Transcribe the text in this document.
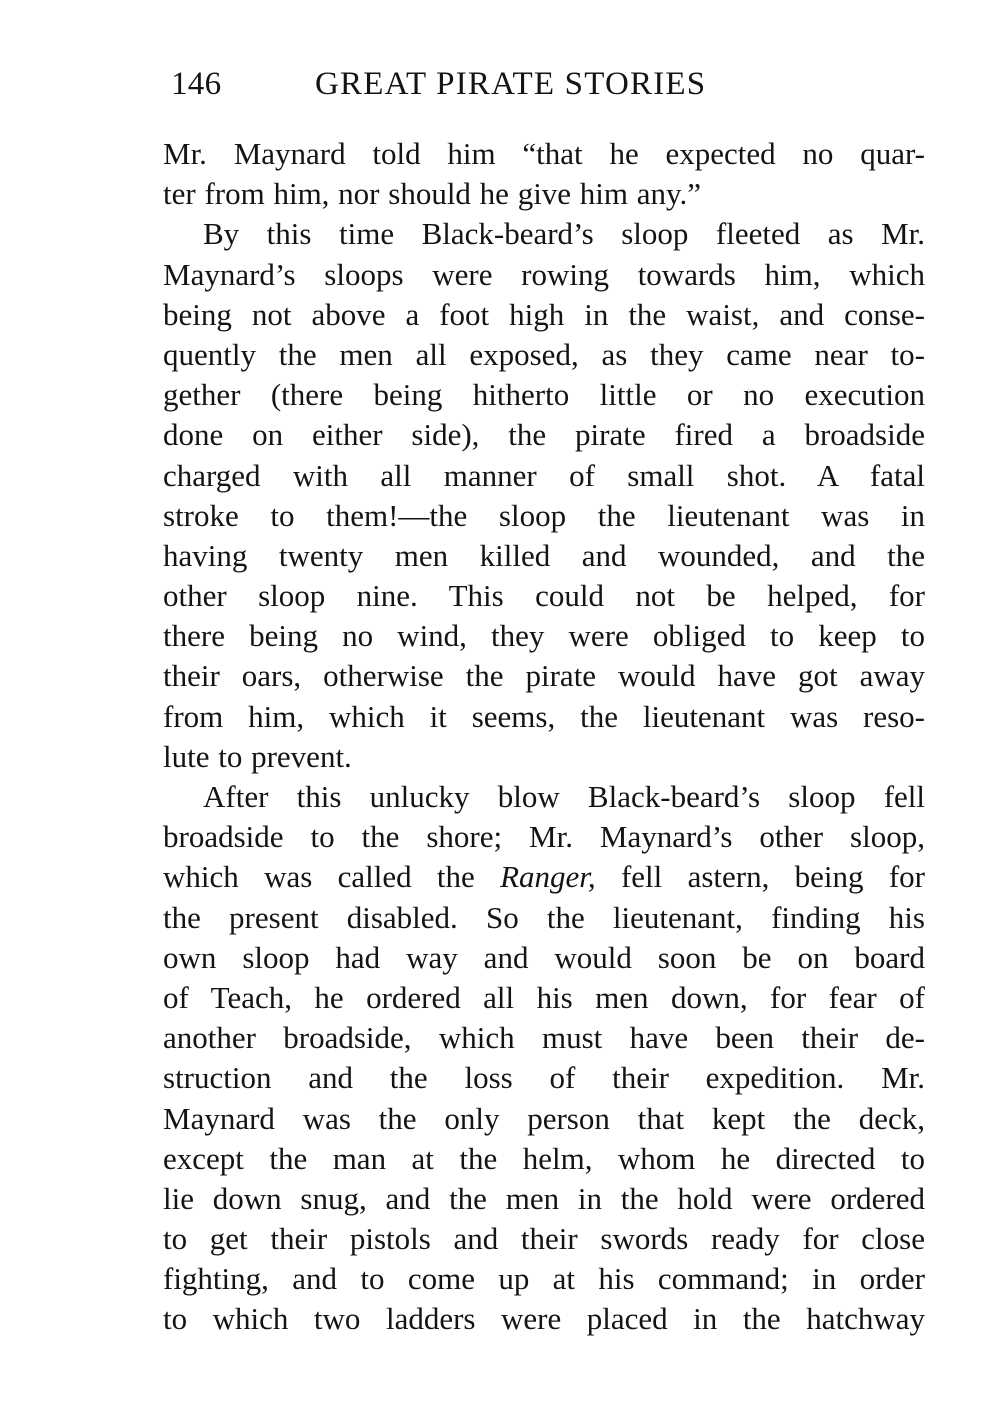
146	GREAT PIRATE STORIES
Mr. Maynard told him “that he expected no quar-
ter from him, nor should he give him any.”
By this time Black-beard’s sloop fleeted as Mr.
Maynard’s sloops were rowing towards him, which
being not above a foot high in the waist, and conse-
quently the men all exposed, as they came near to-
gether (there being hitherto little or no execution
done on either side), the pirate fired a broadside
charged with all manner of small shot. A fatal
stroke to them!—the sloop the lieutenant was in
having twenty men killed and wounded, and the
other sloop nine. This could not be helped, for
there being no wind, they were obliged to keep to
their oars, otherwise the pirate would have got away
from him, which it seems, the lieutenant was reso-
lute to prevent.
After this unlucky blow Black-beard’s sloop fell
broadside to the shore; Mr. Maynard’s other sloop,
which was called the Ranger, fell astern, being for
the present disabled. So the lieutenant, finding his
own sloop had way and would soon be on board
of Teach, he ordered all his men down, for fear of
another broadside, which must have been their de-
struction and the loss of their expedition. Mr.
Maynard was the only person that kept the deck,
except the man at the helm, whom he directed to
lie down snug, and the men in the hold were ordered
to get their pistols and their swords ready for close
fighting, and to come up at his command; in order
to which two ladders were placed in the hatchway
